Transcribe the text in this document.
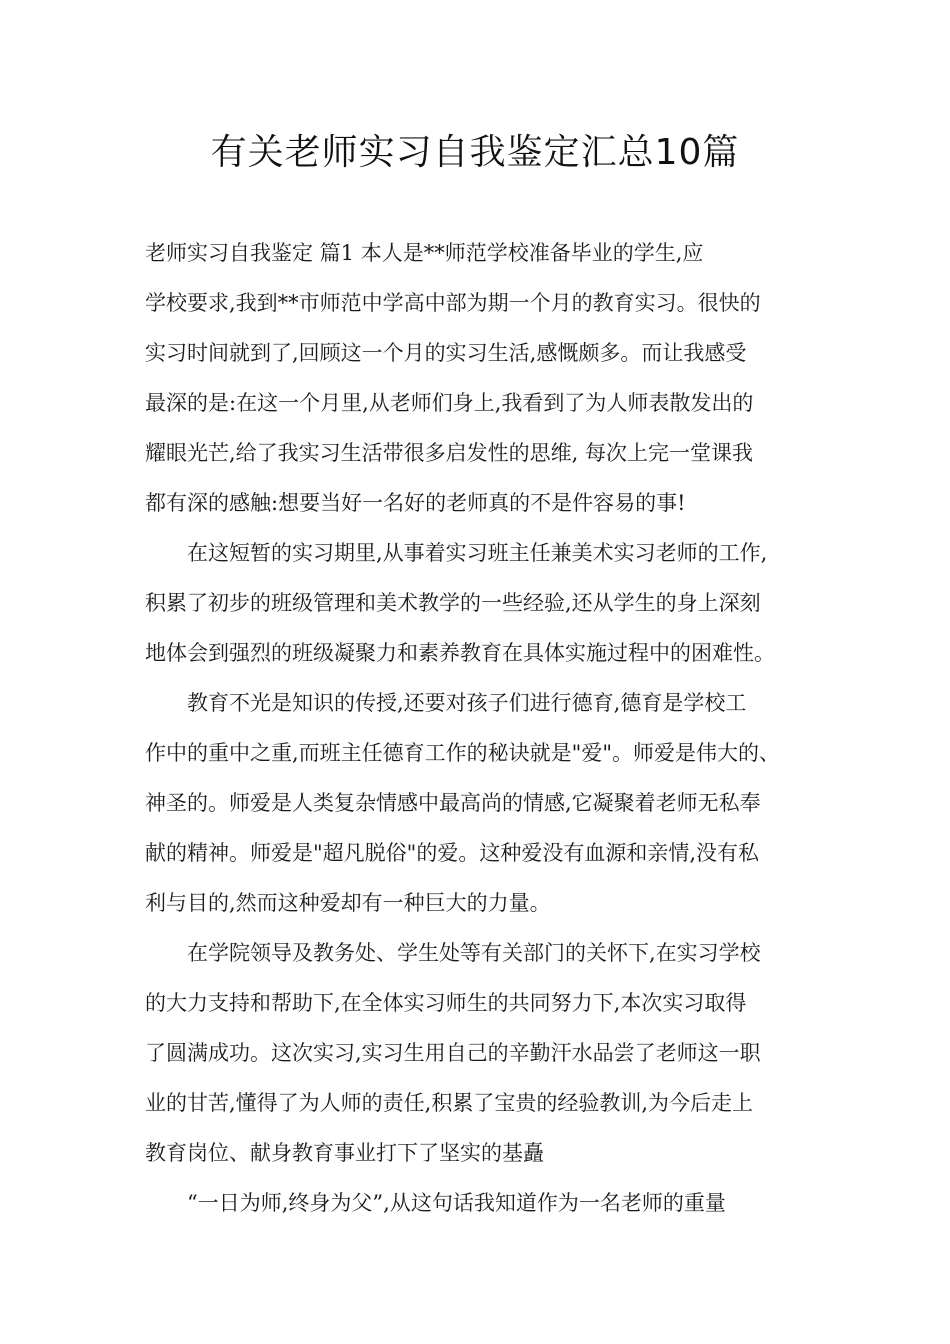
有关老师实习自我鉴定汇总10篇
老师实习自我鉴定 篇1 本人是**师范学校准备毕业的学生,应
学校要求,我到**市师范中学高中部为期一个月的教育实习。很快的
实习时间就到了,回顾这一个月的实习生活,感慨颇多。而让我感受
最深的是:在这一个月里,从老师们身上,我看到了为人师表散发出的
耀眼光芒,给了我实习生活带很多启发性的思维, 每次上完一堂课我
都有深的感触:想要当好一名好的老师真的不是件容易的事!
在这短暂的实习期里,从事着实习班主任兼美术实习老师的工作,
积累了初步的班级管理和美术教学的一些经验,还从学生的身上深刻
地体会到强烈的班级凝聚力和素养教育在具体实施过程中的困难性。
教育不光是知识的传授,还要对孩子们进行德育,德育是学校工
作中的重中之重,而班主任德育工作的秘诀就是"爱"。师爱是伟大的、
神圣的。师爱是人类复杂情感中最高尚的情感,它凝聚着老师无私奉
献的精神。师爱是"超凡脱俗"的爱。这种爱没有血源和亲情,没有私
利与目的,然而这种爱却有一种巨大的力量。
在学院领导及教务处、学生处等有关部门的关怀下,在实习学校
的大力支持和帮助下,在全体实习师生的共同努力下,本次实习取得
了圆满成功。这次实习,实习生用自己的辛勤汗水品尝了老师这一职
业的甘苦,懂得了为人师的责任,积累了宝贵的经验教训,为今后走上
教育岗位、献身教育事业打下了坚实的基矗
“一日为师,终身为父”,从这句话我知道作为一名老师的重量
